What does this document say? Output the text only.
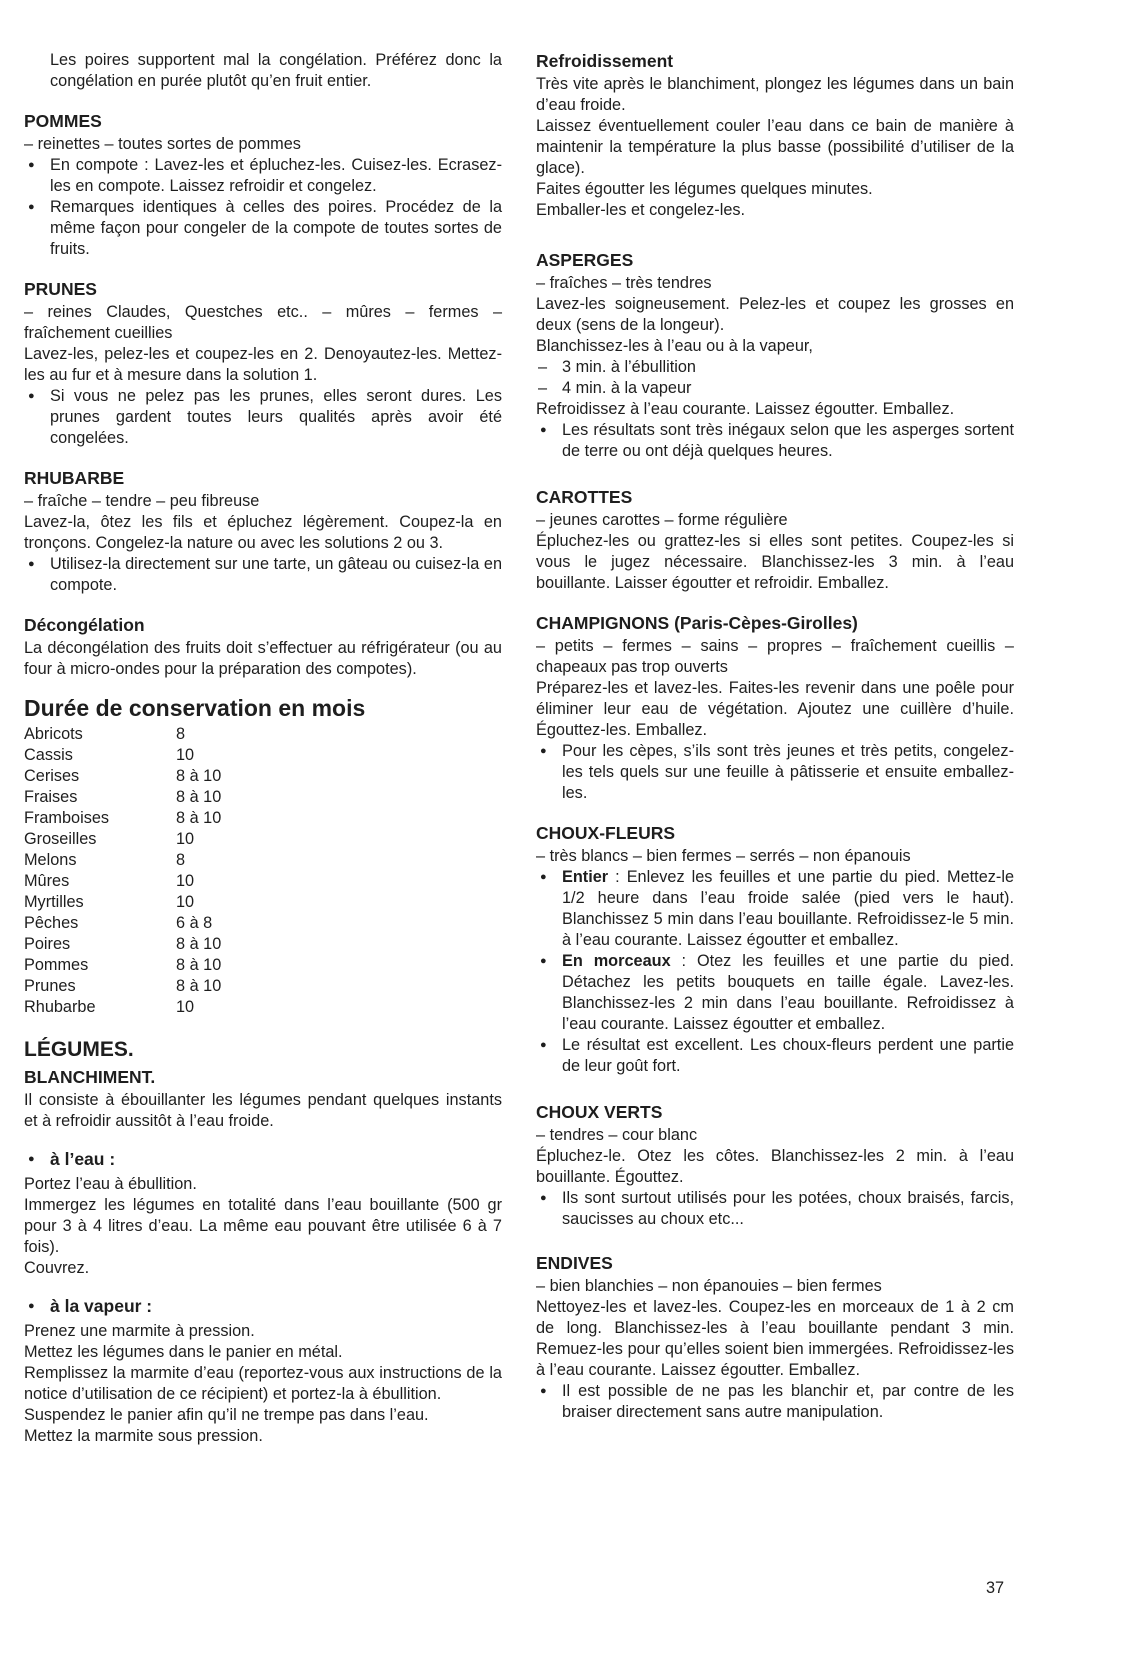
Les poires supportent mal la congélation. Préférez donc la congélation en purée plutôt qu’en fruit entier.

POMMES

– reinettes – toutes sortes de pommes

● En compote : Lavez-les et épluchez-les. Cuisez-les. Ecrasez-les en compote. Laissez refroidir et congelez.
● Remarques identiques à celles des poires. Procédez de la même façon pour congeler de la compote de toutes sortes de fruits.
PRUNES

– reines Claudes, Questches etc.. – mûres – fermes – fraîchement cueillies

Lavez-les, pelez-les et coupez-les en 2. Denoyautez-les. Mettez-les au fur et à mesure dans la solution 1.

● Si vous ne pelez pas les prunes, elles seront dures. Les prunes gardent toutes leurs qualités après avoir été congelées.
RHUBARBE

– fraîche – tendre – peu fibreuse

Lavez-la, ôtez les fils et épluchez légèrement. Coupez-la en tronçons. Congelez-la nature ou avec les solutions 2 ou 3.

● Utilisez-la directement sur une tarte, un gâteau ou cuisez-la en compote.
Décongélation

La décongélation des fruits doit s’effectuer au réfrigérateur (ou au four à micro-ondes pour la préparation des compotes).

Durée de conservation en mois
Abricots	8
Cassis	10
Cerises	8 à 10
Fraises	8 à 10
Framboises	8 à 10
Groseilles	10
Melons	8
Mûres	10
Myrtilles	10
Pêches	6 à 8
Poires	8 à 10
Pommes	8 à 10
Prunes	8 à 10
Rhubarbe	10
LÉGUMES.
BLANCHIMENT.

Il consiste à ébouillanter les légumes pendant quelques instants et à refroidir aussitôt à l’eau froide.

● à l’eau :

Portez l’eau à ébullition.

Immergez les légumes en totalité dans l’eau bouillante (500 gr pour 3 à 4 litres d’eau. La même eau pouvant être utilisée 6 à 7 fois).

Couvrez.

● à la vapeur :

Prenez une marmite à pression.

Mettez les légumes dans le panier en métal.

Remplissez la marmite d’eau (reportez-vous aux instructions de la notice d’utilisation de ce récipient) et portez-la à ébullition.

Suspendez le panier afin qu’il ne trempe pas dans l’eau.

Mettez la marmite sous pression.

Refroidissement

Très vite après le blanchiment, plongez les légumes dans un bain d’eau froide.

Laissez éventuellement couler l’eau dans ce bain de manière à maintenir la température la plus basse (possibilité d’utiliser de la glace).

Faites égoutter les légumes quelques minutes.

Emballer-les et congelez-les.

ASPERGES

– fraîches – très tendres

Lavez-les soigneusement. Pelez-les et coupez les grosses en deux (sens de la longeur).

Blanchissez-les à l’eau ou à la vapeur,

– 3 min. à l’ébullition
– 4 min. à la vapeur

Refroidissez à l’eau courante. Laissez égoutter. Emballez.

● Les résultats sont très inégaux selon que les asperges sortent de terre ou ont déjà quelques heures.
CAROTTES

– jeunes carottes – forme régulière

Épluchez-les ou grattez-les si elles sont petites. Coupez-les si vous le jugez nécessaire. Blanchissez-les 3 min. à l’eau bouillante. Laisser égoutter et refroidir. Emballez.

CHAMPIGNONS (Paris-Cèpes-Girolles)

– petits – fermes – sains – propres – fraîchement cueillis – chapeaux pas trop ouverts

Préparez-les et lavez-les. Faites-les revenir dans une poêle pour éliminer leur eau de végétation. Ajoutez une cuillère d’huile. Égouttez-les. Emballez.

● Pour les cèpes, s’ils sont très jeunes et très petits, congelez-les tels quels sur une feuille à pâtisserie et ensuite emballez-les.
CHOUX-FLEURS

– très blancs – bien fermes – serrés – non épanouis

● Entier : Enlevez les feuilles et une partie du pied. Mettez-le 1/2 heure dans l’eau froide salée (pied vers le haut). Blanchissez 5 min dans l’eau bouillante. Refroidissez-le 5 min. à l’eau courante. Laissez égoutter et emballez.
● En morceaux : Otez les feuilles et une partie du pied. Détachez les petits bouquets en taille égale. Lavez-les. Blanchissez-les 2 min dans l’eau bouillante. Refroidissez à l’eau courante. Laissez égoutter et emballez.
● Le résultat est excellent. Les choux-fleurs perdent une partie de leur goût fort.
CHOUX VERTS

– tendres – cour blanc

Épluchez-le. Otez les côtes. Blanchissez-les 2 min. à l’eau bouillante. Égouttez.

● Ils sont surtout utilisés pour les potées, choux braisés, farcis, saucisses au choux etc...
ENDIVES

– bien blanchies – non épanouies – bien fermes

Nettoyez-les et lavez-les. Coupez-les en morceaux de 1 à 2 cm de long. Blanchissez-les à l’eau bouillante pendant 3 min. Remuez-les pour qu’elles soient bien immergées. Refroidissez-les à l’eau courante. Laissez égoutter. Emballez.

● Il est possible de ne pas les blanchir et, par contre de les braiser directement sans autre manipulation.
37
